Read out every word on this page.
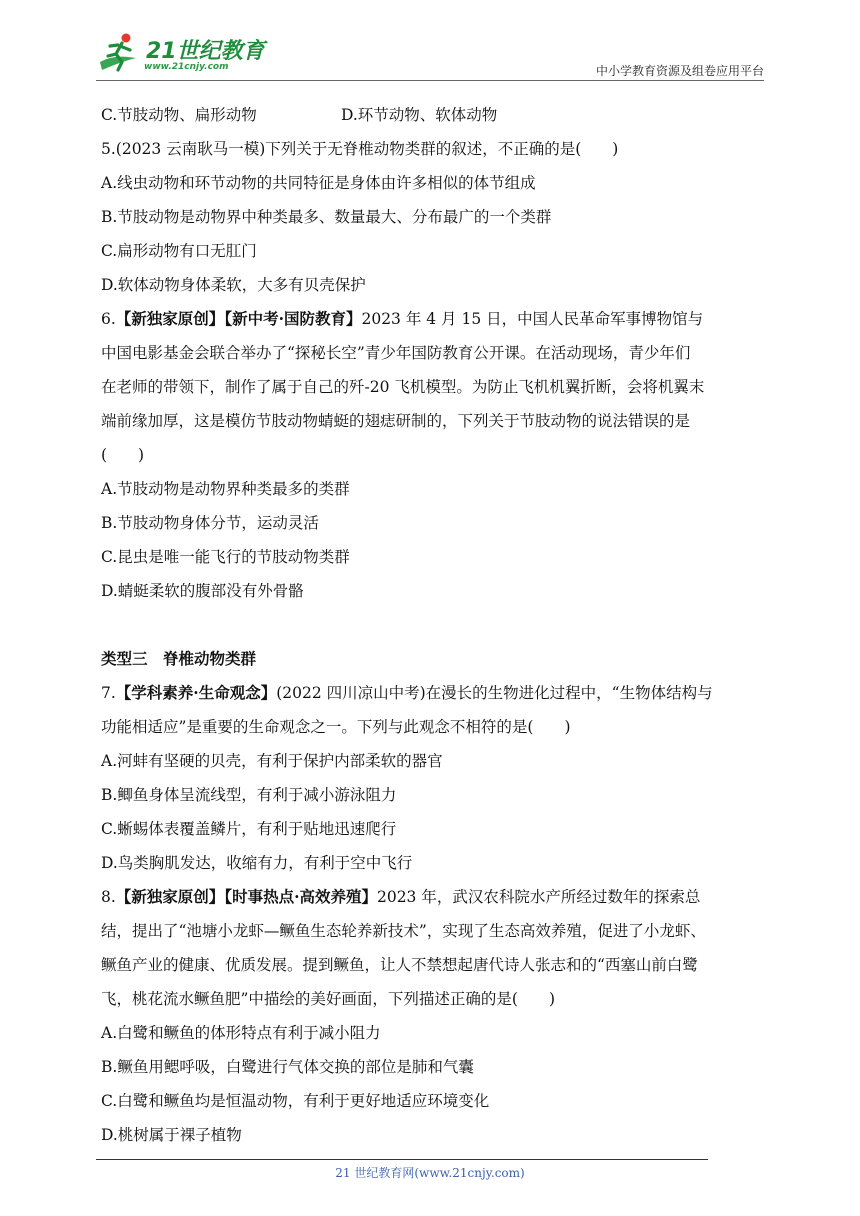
21世纪教育
www.21cnjy.com	中小学教育资源及组卷应用平台
C.节肢动物、扁形动物	D.环节动物、软体动物
5.(2023 云南耿马一模)下列关于无脊椎动物类群的叙述，不正确的是(　　)
A.线虫动物和环节动物的共同特征是身体由许多相似的体节组成
B.节肢动物是动物界中种类最多、数量最大、分布最广的一个类群
C.扁形动物有口无肛门
D.软体动物身体柔软，大多有贝壳保护
6.【新独家原创】【新中考·国防教育】2023 年 4 月 15 日，中国人民革命军事博物馆与
中国电影基金会联合举办了“探秘长空”青少年国防教育公开课。在活动现场，青少年们
在老师的带领下，制作了属于自己的歼-20 飞机模型。为防止飞机机翼折断，会将机翼末
端前缘加厚，这是模仿节肢动物蜻蜓的翅痣研制的，下列关于节肢动物的说法错误的是
(　　)
A.节肢动物是动物界种类最多的类群
B.节肢动物身体分节，运动灵活
C.昆虫是唯一能飞行的节肢动物类群
D.蜻蜓柔软的腹部没有外骨骼
类型三　脊椎动物类群
7.【学科素养·生命观念】(2022 四川凉山中考)在漫长的生物进化过程中，“生物体结构与
功能相适应”是重要的生命观念之一。下列与此观念不相符的是(　　)
A.河蚌有坚硬的贝壳，有利于保护内部柔软的器官
B.鲫鱼身体呈流线型，有利于减小游泳阻力
C.蜥蜴体表覆盖鳞片，有利于贴地迅速爬行
D.鸟类胸肌发达，收缩有力，有利于空中飞行
8.【新独家原创】【时事热点·高效养殖】2023 年，武汉农科院水产所经过数年的探索总
结，提出了“池塘小龙虾—鳜鱼生态轮养新技术”，实现了生态高效养殖，促进了小龙虾、
鳜鱼产业的健康、优质发展。提到鳜鱼，让人不禁想起唐代诗人张志和的“西塞山前白鹭
飞，桃花流水鳜鱼肥”中描绘的美好画面，下列描述正确的是(　　)
A.白鹭和鳜鱼的体形特点有利于减小阻力
B.鳜鱼用鳃呼吸，白鹭进行气体交换的部位是肺和气囊
C.白鹭和鳜鱼均是恒温动物，有利于更好地适应环境变化
D.桃树属于裸子植物
21 世纪教育网(www.21cnjy.com)
